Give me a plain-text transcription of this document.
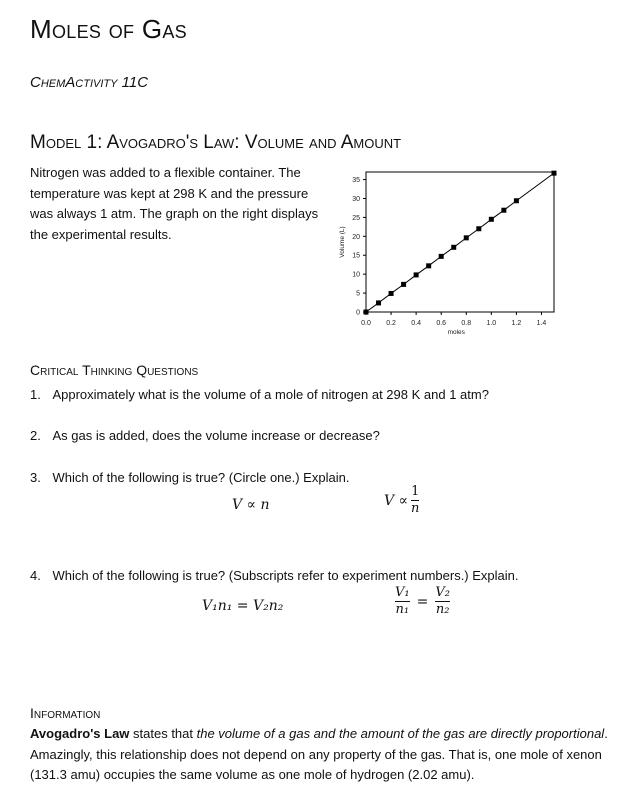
Moles of Gas
ChemActivity 11C
Model 1: Avogadro's Law: Volume and Amount
Nitrogen was added to a flexible container. The temperature was kept at 298 K and the pressure was always 1 atm. The graph on the right displays the experimental results.
0
5
10
15
20
25
30
35
0.0 0.2 0.4 0.6 0.8 1.0 1.2 1.4
moles
Volume (L)
Critical Thinking Questions
1. Approximately what is the volume of a mole of nitrogen at 298 K and 1 atm?
2. As gas is added, does the volume increase or decrease?
3. Which of the following is true? (Circle one.) Explain.
V ∝ n	$V \propto \frac{1}{n}$
4. Which of the following is true? (Subscripts refer to experiment numbers.) Explain.
V₁n₁ = V₂n₂	$\frac{\text{V₁}}{\text{n₁}} = \frac{\text{V₂}}{\text{n₂}}$
Information
Avogadro's Law states that the volume of a gas and the amount of the gas are directly proportional. Amazingly, this relationship does not depend on any property of the gas. That is, one mole of xenon (131.3 amu) occupies the same volume as one mole of hydrogen (2.02 amu).
